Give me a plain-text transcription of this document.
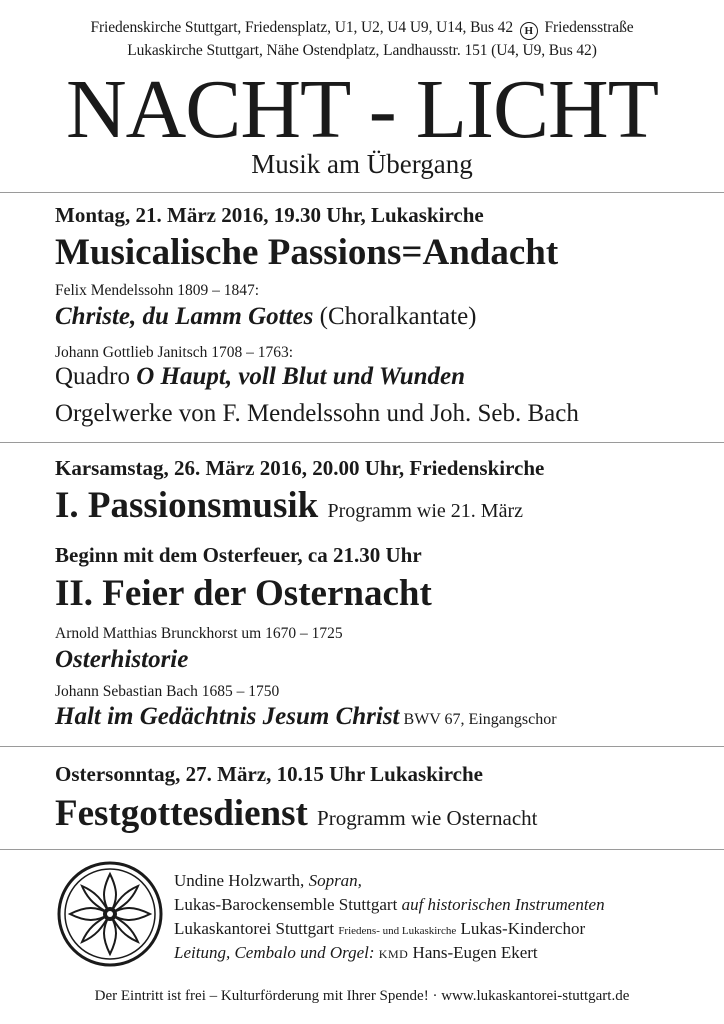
Friedenskirche Stuttgart, Friedensplatz, U1, U2, U4 U9, U14, Bus 42 H Friedensstraße
Lukaskirche Stuttgart, Nähe Ostendplatz, Landhausstr. 151 (U4, U9, Bus 42)
NACHT - LICHT
Musik am Übergang
Montag, 21. März 2016, 19.30 Uhr, Lukaskirche
Musicalische Passions=Andacht
Felix Mendelssohn 1809 – 1847:
Christe, du Lamm Gottes (Choralkantate)
Johann Gottlieb Janitsch 1708 – 1763:
Quadro O Haupt, voll Blut und Wunden
Orgelwerke von F. Mendelssohn und Joh. Seb. Bach
Karsamstag, 26. März 2016, 20.00 Uhr, Friedenskirche
I. Passionsmusik Programm wie 21. März
Beginn mit dem Osterfeuer, ca 21.30 Uhr
II. Feier der Osternacht
Arnold Matthias Brunckhorst um 1670 – 1725
Osterhistorie
Johann Sebastian Bach 1685 – 1750
Halt im Gedächtnis Jesum Christ BWV 67, Eingangschor
Ostersonntag, 27. März, 10.15 Uhr Lukaskirche
Festgottesdienst Programm wie Osternacht
Undine Holzwarth, Sopran,
Lukas-Barockensemble Stuttgart auf historischen Instrumenten
Lukaskantorei Stuttgart Friedens- und Lukaskirche Lukas-Kinderchor
Leitung, Cembalo und Orgel: KMD Hans-Eugen Ekert
Der Eintritt ist frei – Kulturförderung mit Ihrer Spende! · www.lukaskantorei-stuttgart.de
